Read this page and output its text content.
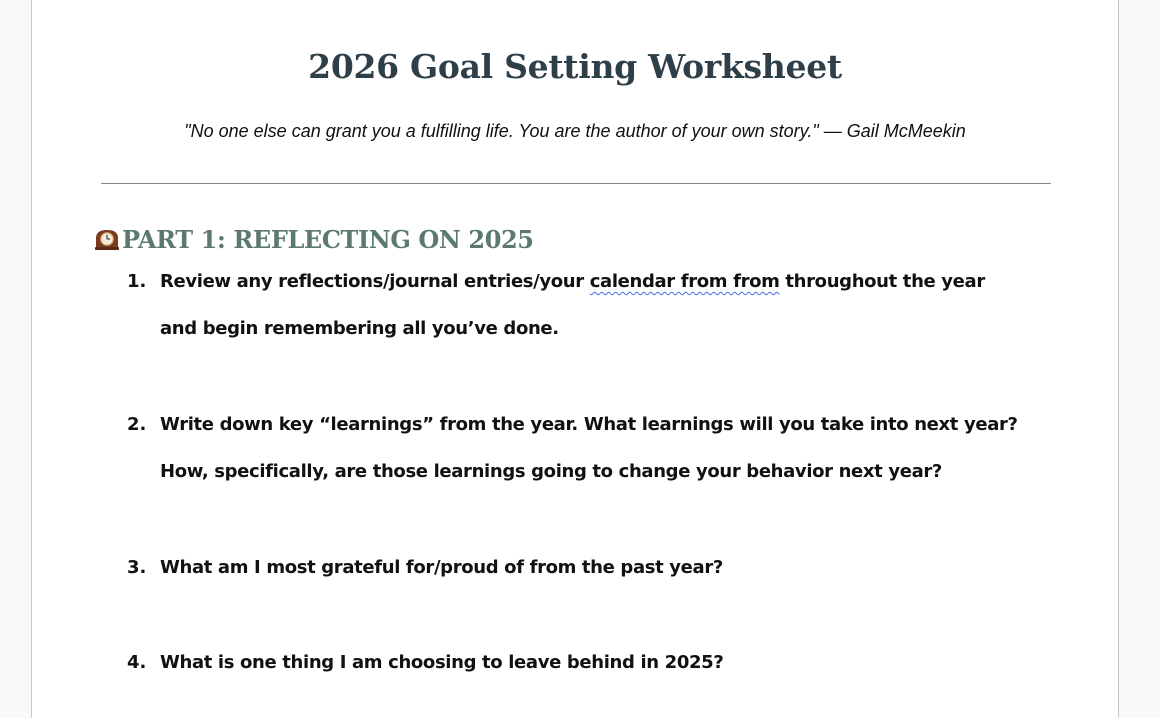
2026 Goal Setting Worksheet
"No one else can grant you a fulfilling life. You are the author of your own story." — Gail McMeekin
PART 1: REFLECTING ON 2025
1. Review any reflections/journal entries/your calendar from from throughout the year
and begin remembering all you’ve done.
2. Write down key “learnings” from the year. What learnings will you take into next year?
How, specifically, are those learnings going to change your behavior next year?
3. What am I most grateful for/proud of from the past year?
4. What is one thing I am choosing to leave behind in 2025?
